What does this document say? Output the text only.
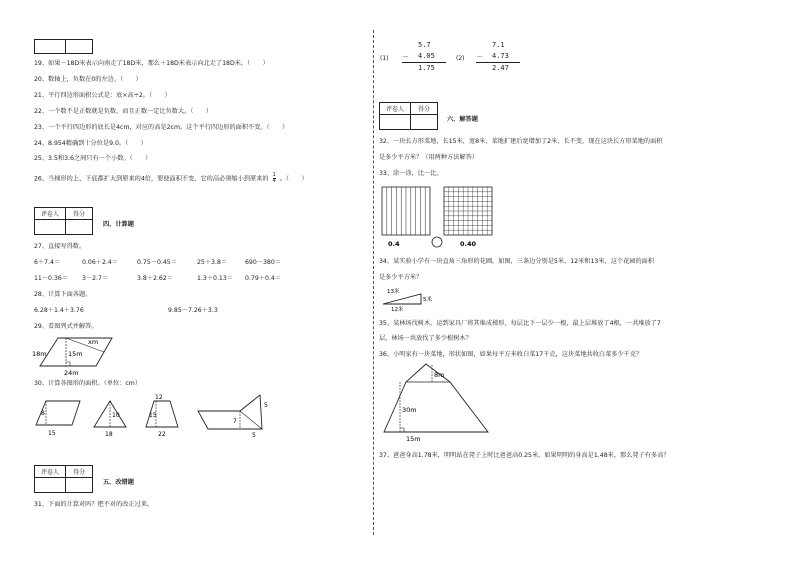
19、如果－18D米表示向南走了18D米，那么＋18D米表示向北走了18D米。（　　）
20、数轴上，负数在0的左边。（　　）
21、平行四边形面积公式是：底×高÷2。（　　）
22、一个数不是正数就是负数，而且正数一定比负数大。（　　）
23、一个平行四边形的底长是4cm，对应的高是2cm，这个平行四边形的面积不变。（　　）
24、8.954精确到十分位是9.0。（　　）
25、3.5和3.6之间只有一个小数。（　　）
26、当梯形的上、下底都扩大到原来的4倍，要使面积不变，它的高必须缩小到原来的 $\frac{1}{4}$ 。（　　）
评卷人	得分

四、计算题
27、直接写得数。
6＋7.4＝	0.06＋2.4＝	0.75－0.45＝	25＋3.8＝	690－380＝
11－0.36＝ 3－2.7＝	3.8＋2.62＝	1.3＋0.13＝ 0.79＋0.4＝
28、计算下面各题。
6.28＋1.4＋3.76	9.85－7.26＋3.3
29、看图列式并解答。
18m	15m
xm
24m
30、计算各图形的面积。（单位：cm）
8
15
10
18
12
15
22
5
7
5
评卷人	得分

五、改错题
31、下面的计算对吗？把不对的改正过来。
(1)
5.7
－ 4.05
1.75
(2)
7.1
－ 4.73
2.47
评卷人	得分

六、解答题
32、一块长方形菜地，长15米，宽8米，菜地扩建后宽增加了2米，长不变，现在这块长方形菜地的面积
是多少平方米？（用两种方法解答）
33、涂一涂，比一比。
0.4	0.40
34、某实验小学有一块直角三角形的花圃，如图，三条边分别是5米、12米和13米，这个花园的面积
是多少平方米？
13米
5米
12米
35、某林场伐树木，运到家具厂将其堆成梯形，每层比下一层少一根，最上层堆放了4根，一共堆放了7
层，林场一共放伐了多少根树木？
36、小明家有一块菜地，形状如图，如果每平方米收白菜17千克，这块菜地共收白菜多少千克？
8m
30m
15m
37、爸爸身高1.78米，明明站在凳子上时比爸爸高0.25米，如果明明的身高是1.48米，那么凳子有多高？
